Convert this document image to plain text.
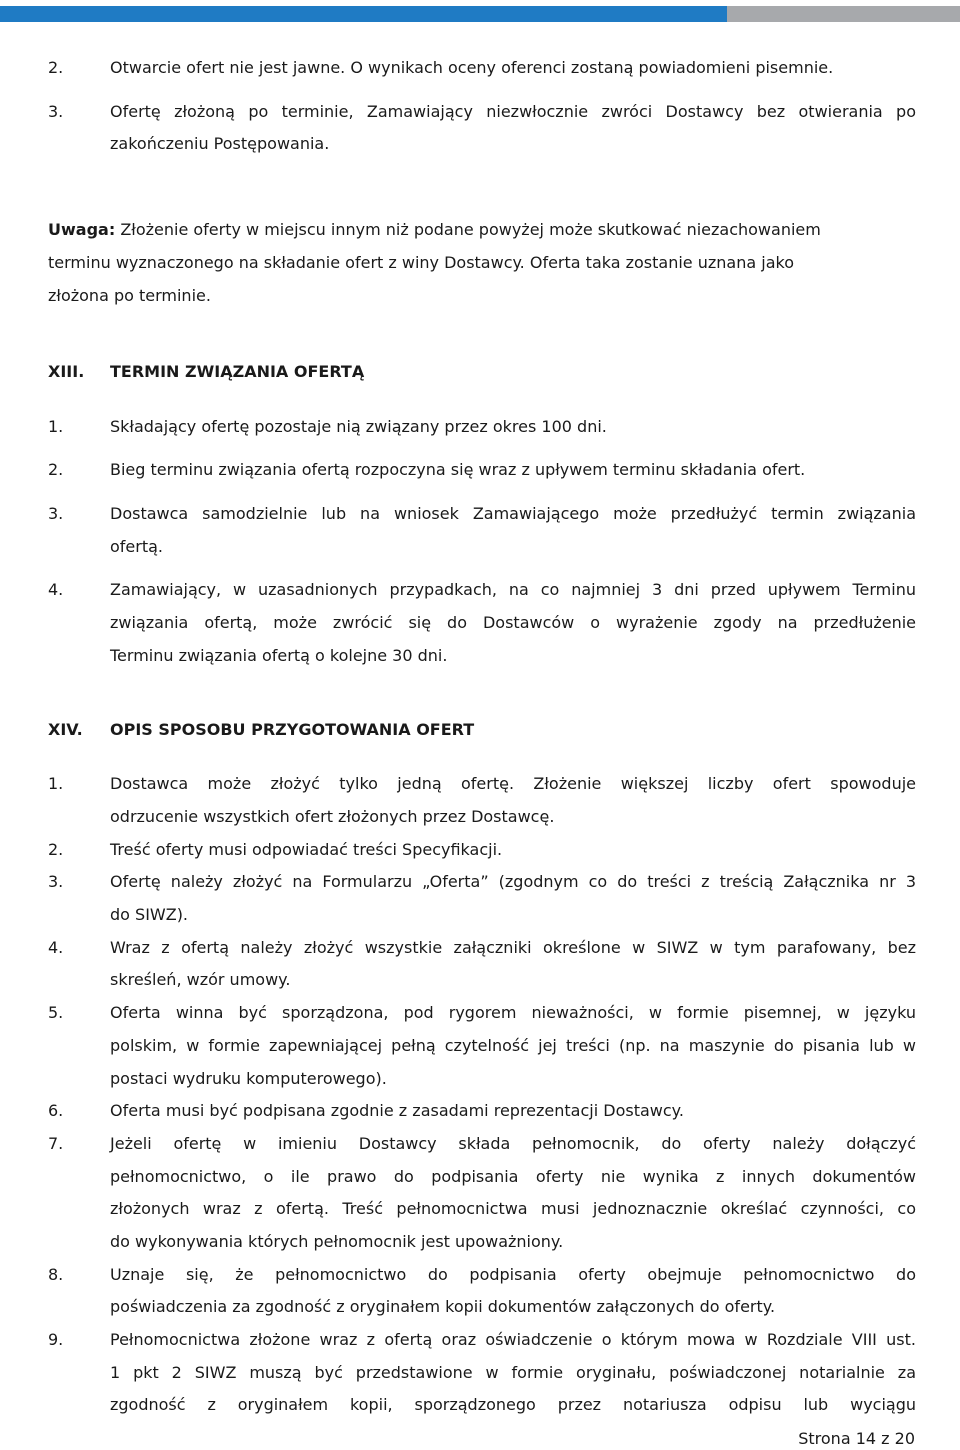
2.	Otwarcie ofert nie jest jawne. O wynikach oceny oferenci zostaną powiadomieni pisemnie.
3.	Ofertę złożoną po terminie, Zamawiający niezwłocznie zwróci Dostawcy bez otwierania po
zakończeniu Postępowania.
Uwaga: Złożenie oferty w miejscu innym niż podane powyżej może skutkować niezachowaniem
terminu wyznaczonego na składanie ofert z winy Dostawcy. Oferta taka zostanie uznana jako
złożona po terminie.
XIII. TERMIN ZWIĄZANIA OFERTĄ
1.	Składający ofertę pozostaje nią związany przez okres 100 dni.
2.	Bieg terminu związania ofertą rozpoczyna się wraz z upływem terminu składania ofert.
3.	Dostawca samodzielnie lub na wniosek Zamawiającego może przedłużyć termin związania
ofertą.
4.	Zamawiający, w uzasadnionych przypadkach, na co najmniej 3 dni przed upływem Terminu
związania ofertą, może zwrócić się do Dostawców o wyrażenie zgody na przedłużenie
Terminu związania ofertą o kolejne 30 dni.
XIV. OPIS SPOSOBU PRZYGOTOWANIA OFERT
1.	Dostawca może złożyć tylko jedną ofertę. Złożenie większej liczby ofert spowoduje
odrzucenie wszystkich ofert złożonych przez Dostawcę.
2.	Treść oferty musi odpowiadać treści Specyfikacji.
3.	Ofertę należy złożyć na Formularzu „Oferta” (zgodnym co do treści z treścią Załącznika nr 3
do SIWZ).
4.	Wraz z ofertą należy złożyć wszystkie załączniki określone w SIWZ w tym parafowany, bez
skreśleń, wzór umowy.
5.	Oferta winna być sporządzona, pod rygorem nieważności, w formie pisemnej, w języku
polskim, w formie zapewniającej pełną czytelność jej treści (np. na maszynie do pisania lub w
postaci wydruku komputerowego).
6.	Oferta musi być podpisana zgodnie z zasadami reprezentacji Dostawcy.
7.	Jeżeli ofertę w imieniu Dostawcy składa pełnomocnik, do oferty należy dołączyć
pełnomocnictwo, o ile prawo do podpisania oferty nie wynika z innych dokumentów
złożonych wraz z ofertą. Treść pełnomocnictwa musi jednoznacznie określać czynności, co
do wykonywania których pełnomocnik jest upoważniony.
8.	Uznaje się, że pełnomocnictwo do podpisania oferty obejmuje pełnomocnictwo do
poświadczenia za zgodność z oryginałem kopii dokumentów załączonych do oferty.
9.	Pełnomocnictwa złożone wraz z ofertą oraz oświadczenie o którym mowa w Rozdziale VIII ust.
1 pkt 2 SIWZ muszą być przedstawione w formie oryginału, poświadczonej notarialnie za
zgodność z oryginałem kopii, sporządzonego przez notariusza odpisu lub wyciągu
Strona 14 z 20
